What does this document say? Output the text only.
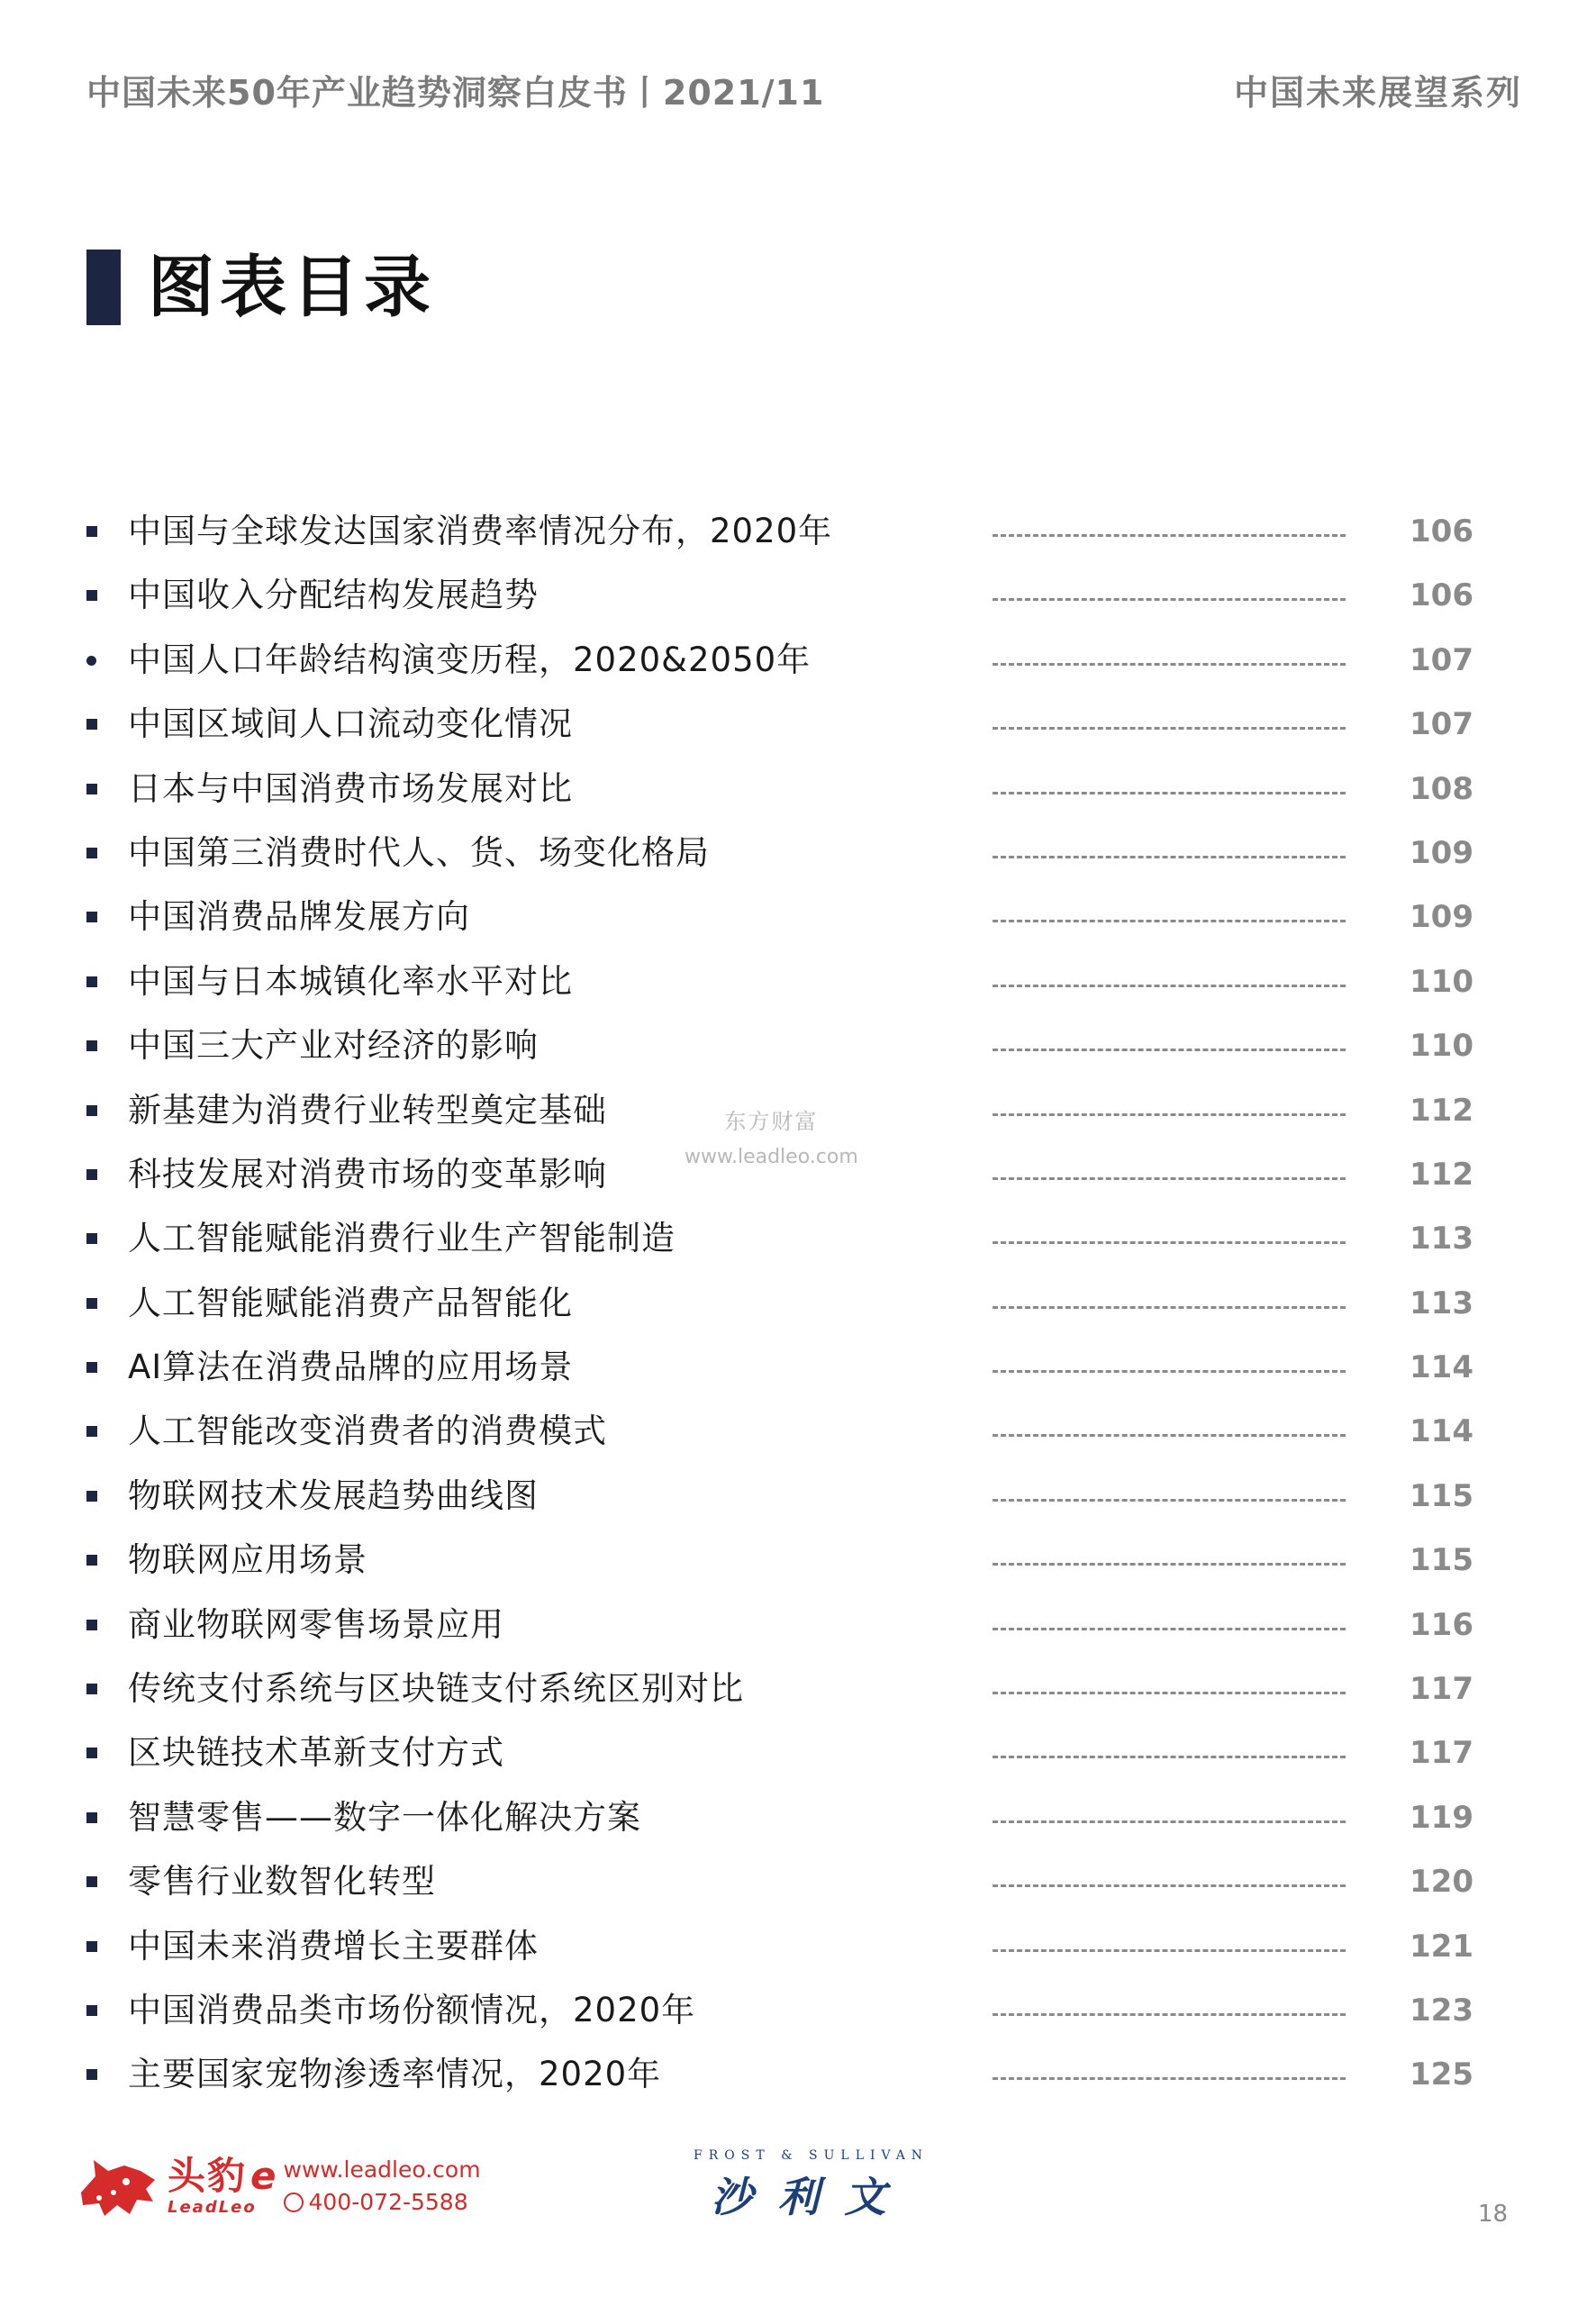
中国未来50年产业趋势洞察白皮书丨2021/11	中国未来展望系列
图表目录
中国与全球发达国家消费率情况分布，2020年	106
中国收入分配结构发展趋势	106
中国人口年龄结构演变历程，2020&2050年	107
中国区域间人口流动变化情况	107
日本与中国消费市场发展对比	108
中国第三消费时代人、货、场变化格局	109
中国消费品牌发展方向	109
中国与日本城镇化率水平对比	110
中国三大产业对经济的影响	110
新基建为消费行业转型奠定基础	112
科技发展对消费市场的变革影响	112
人工智能赋能消费行业生产智能制造	113
人工智能赋能消费产品智能化	113
AI算法在消费品牌的应用场景	114
人工智能改变消费者的消费模式	114
物联网技术发展趋势曲线图	115
物联网应用场景	115
商业物联网零售场景应用	116
传统支付系统与区块链支付系统区别对比	117
区块链技术革新支付方式	117
智慧零售——数字一体化解决方案	119
零售行业数智化转型	120
中国未来消费增长主要群体	121
中国消费品类市场份额情况，2020年	123
主要国家宠物渗透率情况，2020年	125
东方财富
www.leadleo.com
头豹 e
LeadLeo
www.leadleo.com
400-072-5588
FROST & SULLIVAN
沙利文	18
